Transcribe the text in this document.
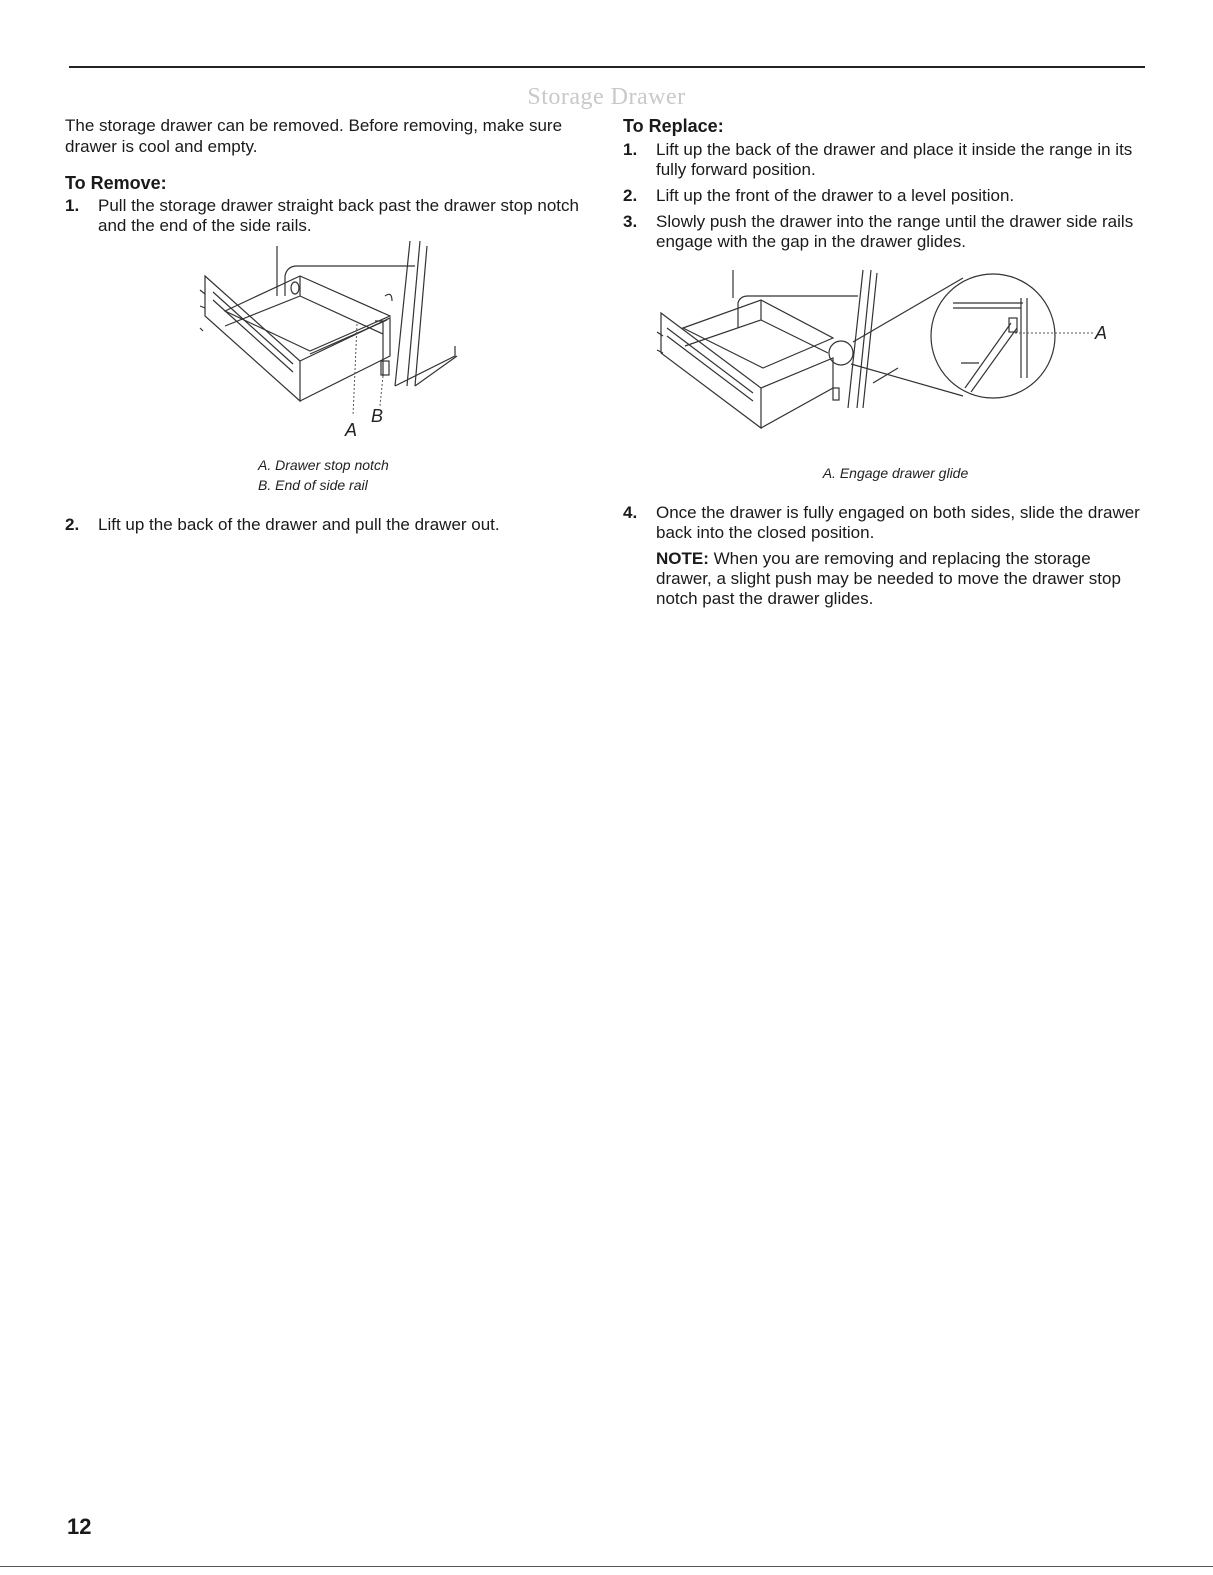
Storage Drawer

The storage drawer can be removed. Before removing, make sure drawer is cool and empty.

To Remove:
1. Pull the storage drawer straight back past the drawer stop notch and the end of the side rails.
A
B
A. Drawer stop notch
B. End of side rail
2. Lift up the back of the drawer and pull the drawer out.
To Replace:
1. Lift up the back of the drawer and place it inside the range in its fully forward position.
2. Lift up the front of the drawer to a level position.
3. Slowly push the drawer into the range until the drawer side rails engage with the gap in the drawer glides.
A
A. Engage drawer glide
4. Once the drawer is fully engaged on both sides, slide the drawer back into the closed position.

NOTE: When you are removing and replacing the storage drawer, a slight push may be needed to move the drawer stop notch past the drawer glides.

12
